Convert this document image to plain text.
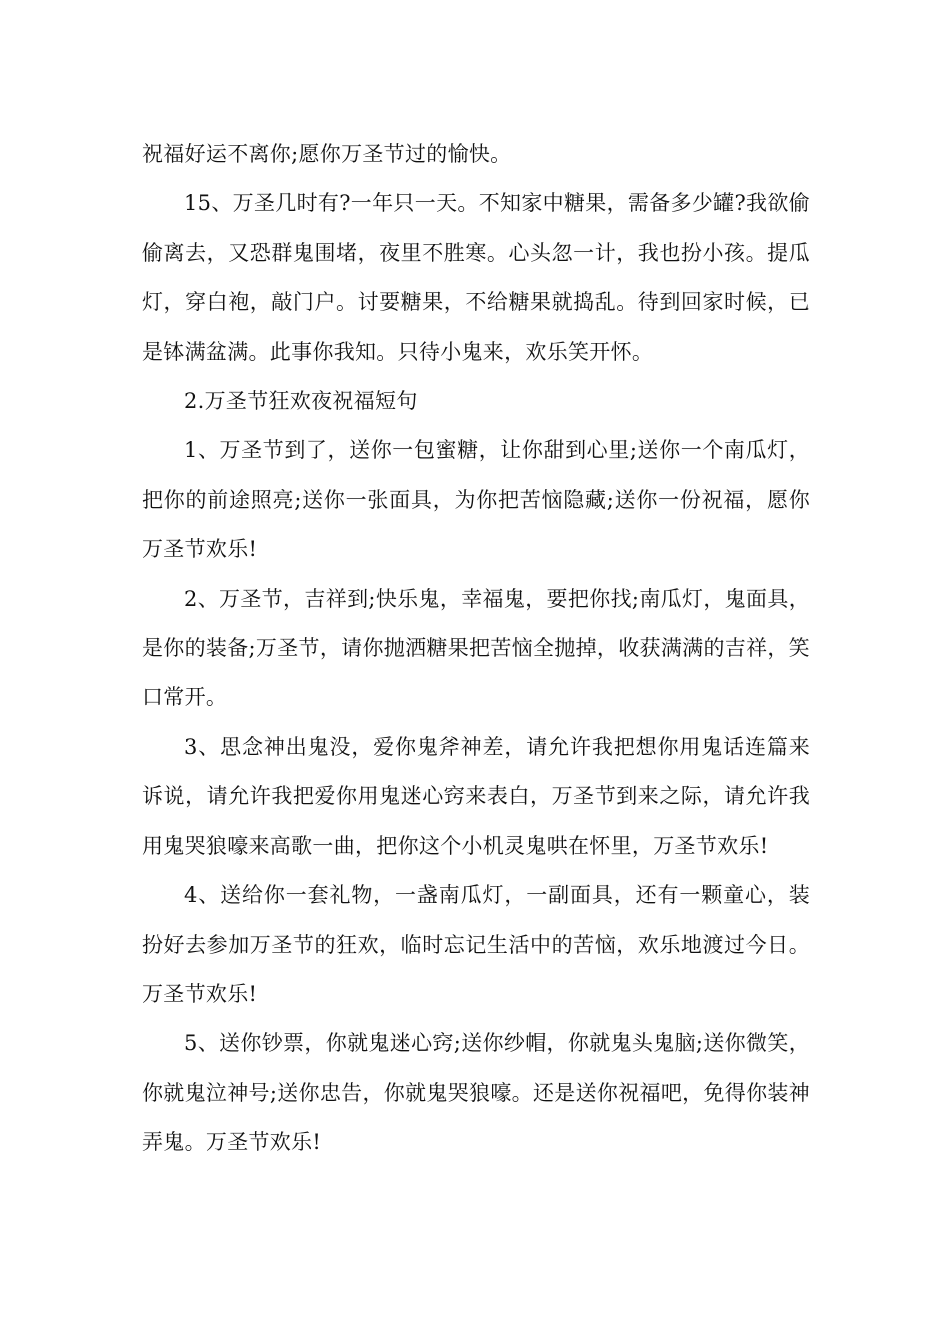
祝福好运不离你;愿你万圣节过的愉快。

15、万圣几时有?一年只一天。不知家中糖果，需备多少罐?我欲偷偷离去，又恐群鬼围堵，夜里不胜寒。心头忽一计，我也扮小孩。提瓜灯，穿白袍，敲门户。讨要糖果，不给糖果就捣乱。待到回家时候，已是钵满盆满。此事你我知。只待小鬼来，欢乐笑开怀。

2.万圣节狂欢夜祝福短句

1、万圣节到了，送你一包蜜糖，让你甜到心里;送你一个南瓜灯，把你的前途照亮;送你一张面具，为你把苦恼隐藏;送你一份祝福，愿你万圣节欢乐!

2、万圣节，吉祥到;快乐鬼，幸福鬼，要把你找;南瓜灯，鬼面具，是你的装备;万圣节，请你抛洒糖果把苦恼全抛掉，收获满满的吉祥，笑口常开。

3、思念神出鬼没，爱你鬼斧神差，请允许我把想你用鬼话连篇来诉说，请允许我把爱你用鬼迷心窍来表白，万圣节到来之际，请允许我用鬼哭狼嚎来高歌一曲，把你这个小机灵鬼哄在怀里，万圣节欢乐!

4、送给你一套礼物，一盏南瓜灯，一副面具，还有一颗童心，装扮好去参加万圣节的狂欢，临时忘记生活中的苦恼，欢乐地渡过今日。万圣节欢乐!

5、送你钞票，你就鬼迷心窍;送你纱帽，你就鬼头鬼脑;送你微笑，你就鬼泣神号;送你忠告，你就鬼哭狼嚎。还是送你祝福吧，免得你装神弄鬼。万圣节欢乐!
